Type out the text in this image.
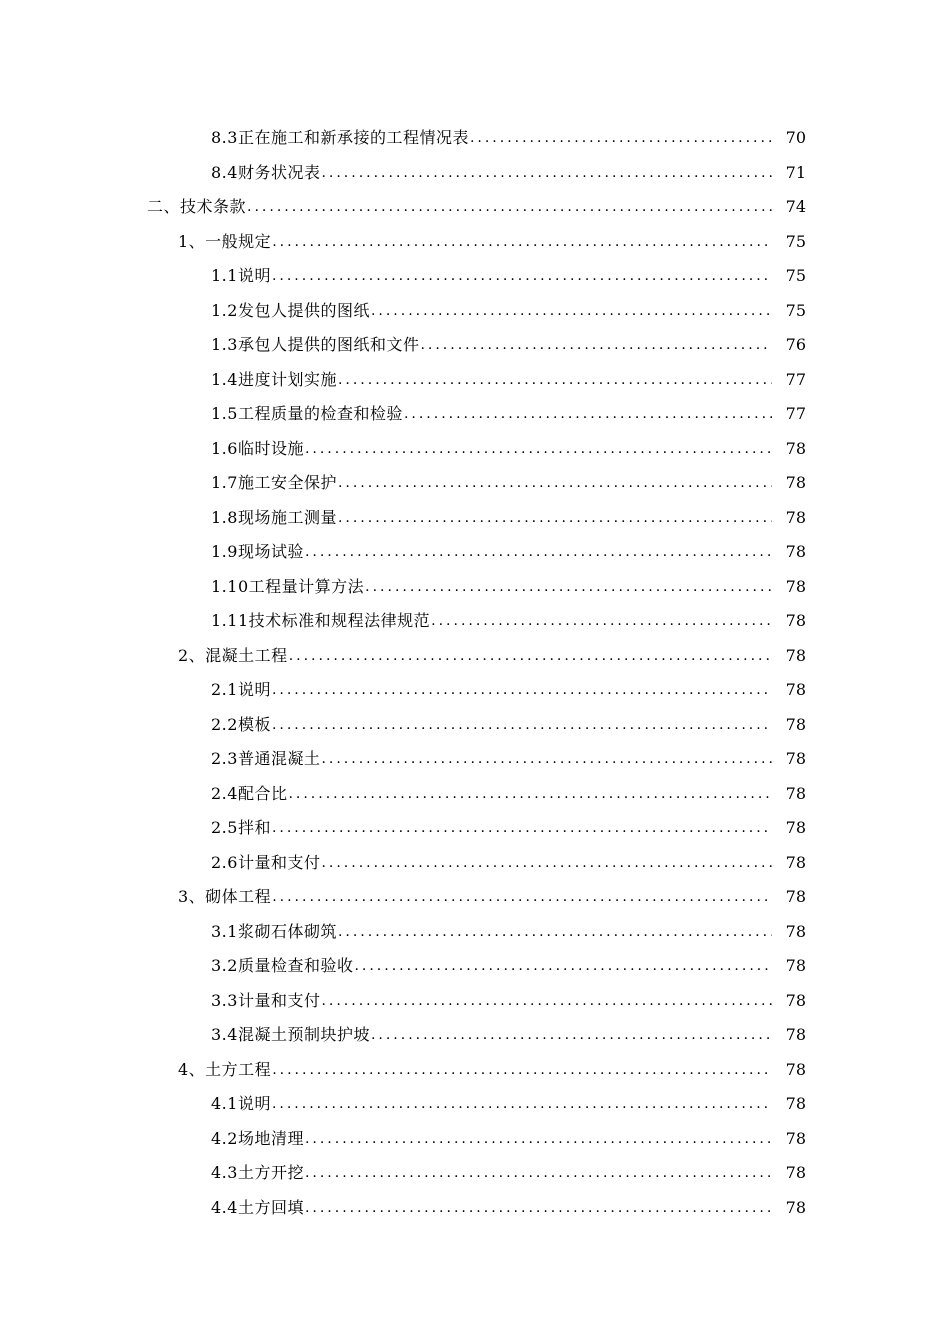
8.3正在施工和新承接的工程情况表 .....	70
8.4财务状况表 .....	71
二、技术条款 .....	74
1、一般规定 .....	75
1.1说明 .....	75
1.2发包人提供的图纸 .....	75
1.3承包人提供的图纸和文件 .....	76
1.4进度计划实施 .....	77
1.5工程质量的检查和检验 .....	77
1.6临时设施 .....	78
1.7施工安全保护 .....	78
1.8现场施工测量 .....	78
1.9现场试验 .....	78
1.10工程量计算方法 .....	78
1.11技术标准和规程法律规范 .....	78
2、混凝土工程 .....	78
2.1说明 .....	78
2.2模板 .....	78
2.3普通混凝土 .....	78
2.4配合比 .....	78
2.5拌和 .....	78
2.6计量和支付 .....	78
3、砌体工程 .....	78
3.1浆砌石体砌筑 .....	78
3.2质量检查和验收 .....	78
3.3计量和支付 .....	78
3.4混凝土预制块护坡 .....	78
4、土方工程 .....	78
4.1说明 .....	78
4.2场地清理 .....	78
4.3土方开挖 .....	78
4.4土方回填 .....	78
